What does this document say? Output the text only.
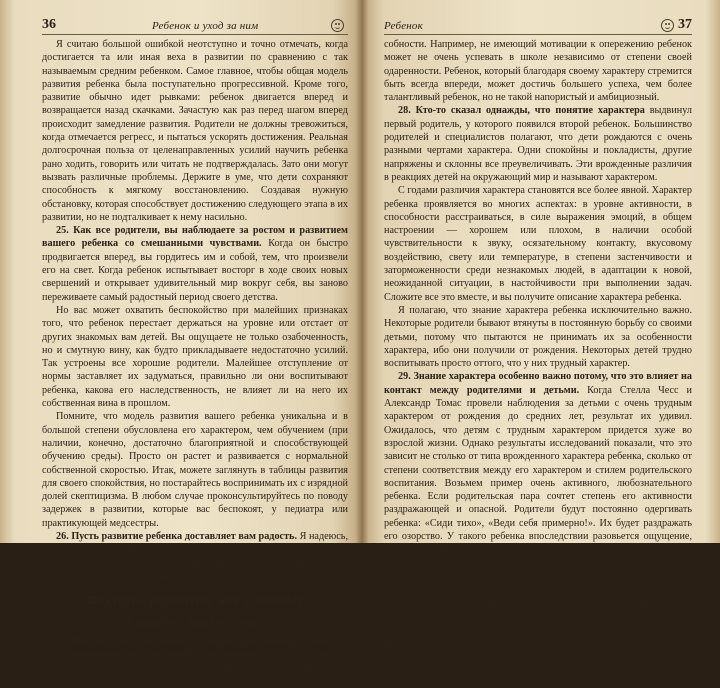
36	Ребенок и уход за ним

Я считаю большой ошибкой неотступно и точно отмечать, когда достигается та или иная веха в развитии по сравнению с так называемым средним ребенком. Самое главное, чтобы общая модель развития ребенка была поступательно прогрессивной. Кроме того, развитие обычно идет рывками: ребенок двигается вперед и возвращается назад скачками. Зачастую как раз перед шагом вперед происходит замедление развития. Родители не должны тревожиться, когда отмечается регресс, и пытаться ускорять достижения. Реальная долгосрочная польза от целенаправленных усилий научить ребенка рано ходить, говорить или читать не подтверждалась. Зато они могут вызвать различные проблемы. Держите в уме, что дети сохраняют способность к мягкому восстановлению. Создавая нужную обстановку, которая способствует достижению следующего этапа в их развитии, но не подталкивает к нему насильно.

25. Как все родители, вы наблюдаете за ростом и развитием вашего ребенка со смешанными чувствами. Когда он быстро продвигается вперед, вы гордитесь им и собой, тем, что произвели его на свет. Когда ребенок испытывает восторг в ходе своих новых свершений и открывает удивительный мир вокруг себя, вы заново переживаете самый радостный период своего детства.

Но вас может охватить беспокойство при малейших признаках того, что ребенок перестает держаться на уровне или отстает от других знакомых вам детей. Вы ощущаете не только озабоченность, но и смутную вину, как будто прикладываете недостаточно усилий. Так устроены все хорошие родители. Малейшее отступление от нормы заставляет их задуматься, правильно ли они воспитывают ребенка, какова его наследственность, не влияет ли на него их собственная вина в прошлом.

Помните, что модель развития вашего ребенка уникальна и в большой степени обусловлена его характером, чем обучением (при наличии, конечно, достаточно благоприятной и способствующей обучению среды). Просто он растет и развивается с нормальной собственной скоростью. Итак, можете заглянуть в таблицы развития для своего спокойствия, но постарайтесь воспринимать их с изрядной долей скептицизма. В любом случае проконсультируйтесь по поводу задержек в развитии, которые вас беспокоят, у педиатра или практикующей медсестры.

26. Пусть развитие ребенка доставляет вам радость. Я надеюсь, что каждый этап развития ребенка доставляет радость, наступает ли он немного раньше или чуть позднее. Небольшие различия в ту или иную сторону — развитие ребенка идет вполне нормально.

Факторы развития: как и почему
Характер: фактор «как»

27. Фактор «как» соотносится с характером ребенка, «почему» — с мотивацией его действий и поступков. В перспективе эти факторы развития, может быть, не менее важны, чем присущие ребенку спо-

Ребенок	37

собности. Например, не имеющий мотивации к опережению ребенок может не очень успевать в школе независимо от степени своей одаренности. Ребенок, который благодаря своему характеру стремится быть всегда впереди, может достичь большего успеха, чем более талантливый ребенок, но не такой напористый и амбициозный.

28. Кто-то сказал однажды, что понятие характера выдвинул первый родитель, у которого появился второй ребенок. Большинство родителей и специалистов полагают, что дети рождаются с очень разными чертами характера. Одни спокойны и покладисты, другие напряжены и склонны все преувеличивать. Эти врожденные различия в реакциях детей на окружающий мир и называют характером.

С годами различия характера становятся все более явной. Характер ребенка проявляется во многих аспектах: в уровне активности, в способности расстраиваться, в силе выражения эмоций, в общем настроении — хорошем или плохом, в наличии особой чувствительности к звуку, осязательному контакту, вкусовому воздействию, свету или температуре, в степени застенчивости и заторможенности среди незнакомых людей, в адаптации к новой, неожиданной ситуации, в настойчивости при выполнении задач. Сложите все это вместе, и вы получите описание характера ребенка.

Я полагаю, что знание характера ребенка исключительно важно. Некоторые родители бывают втянуты в постоянную борьбу со своими детьми, потому что пытаются не принимать их за особенности характера, ибо они получили от рождения. Некоторых детей трудно воспитывать просто оттого, что у них трудный характер.

29. Знание характера особенно важно потому, что это влияет на контакт между родителями и детьми. Когда Стелла Чесс и Александр Томас провели наблюдения за детьми с очень трудным характером от рождения до средних лет, результат их удивил. Ожидалось, что детям с трудным характером придется хуже во взрослой жизни. Однако результаты исследований показали, что это зависит не столько от типа врожденного характера ребенка, сколько от степени соответствия между его характером и стилем родительского воспитания. Возьмем пример очень активного, любознательного ребенка. Если родительская пара сочтет степень его активности раздражающей и опасной. Родители будут постоянно одергивать ребенка: «Сиди тихо», «Веди себя примерно!». Их будет раздражать его озорство. У такого ребенка впоследствии разовьется ощущение, что он плохой, потому что всегда попадает в неприятные ситуации. Это пример несоответствия.

Другие родители, имея такого ребенка, будут воспринимать его любознательность с большой гордостью. Они восхищаются его энергией и предоставляют любые возможности для ее проявления. Они с удовольствием будут называть своего ребенка озорником, придумщиком и радоваться, что у него так много проказ. Такой ребенок вырастет с положи-
